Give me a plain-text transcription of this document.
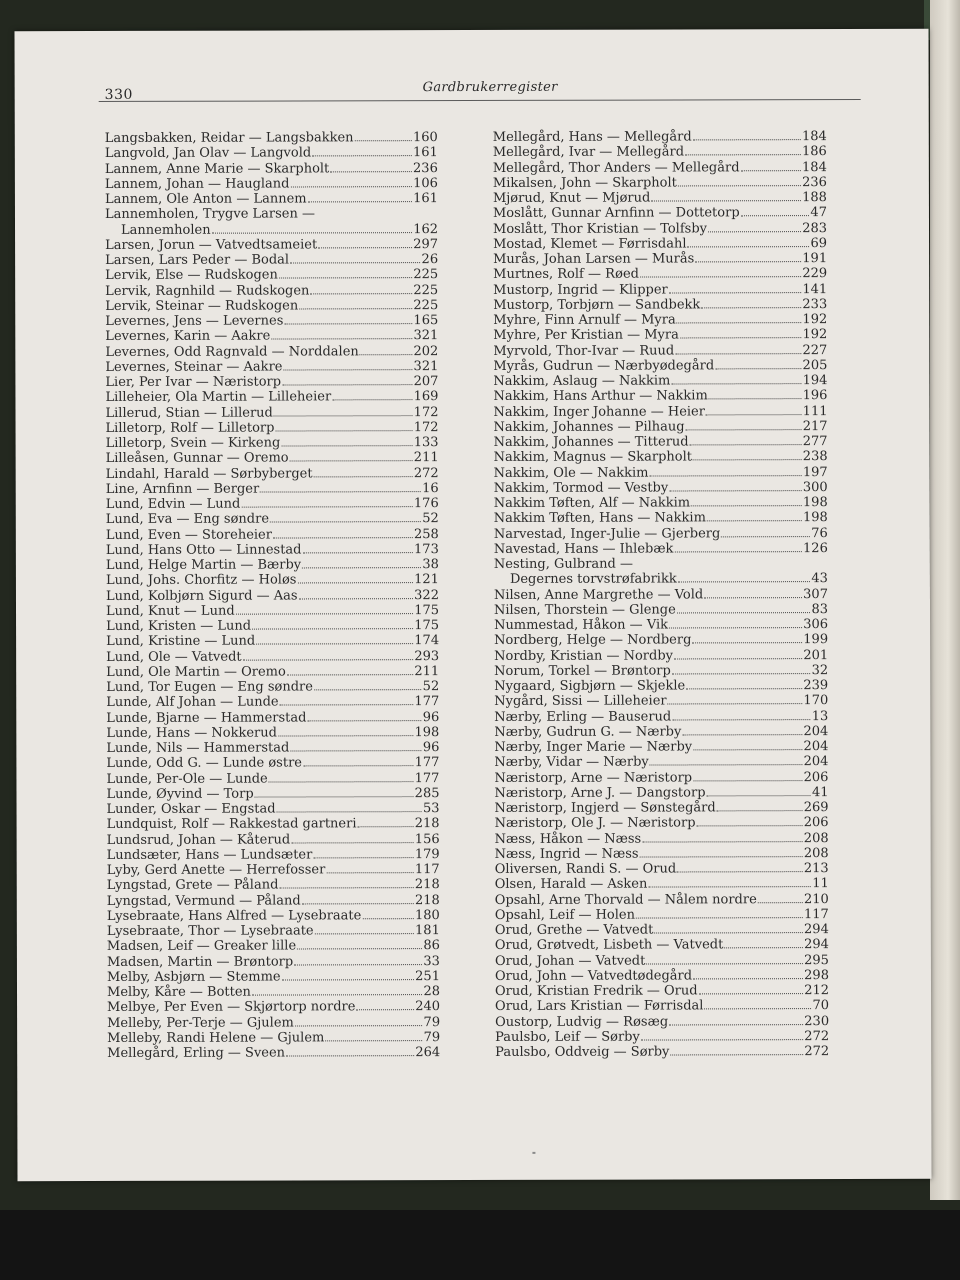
330	Gardbrukerregister
Langsbakken, Reidar — Langsbakken	160
Langvold, Jan Olav — Langvold	161
Lannem, Anne Marie — Skarpholt	236
Lannem, Johan — Haugland	106
Lannem, Ole Anton — Lannem	161
Lannemholen, Trygve Larsen —
Lannemholen	162
Larsen, Jorun — Vatvedtsameiet	297
Larsen, Lars Peder — Bodal	26
Lervik, Else — Rudskogen	225
Lervik, Ragnhild — Rudskogen	225
Lervik, Steinar — Rudskogen	225
Levernes, Jens — Levernes	165
Levernes, Karin — Aakre	321
Levernes, Odd Ragnvald — Norddalen	202
Levernes, Steinar — Aakre	321
Lier, Per Ivar — Næristorp	207
Lilleheier, Ola Martin — Lilleheier	169
Lillerud, Stian — Lillerud	172
Lilletorp, Rolf — Lilletorp	172
Lilletorp, Svein — Kirkeng	133
Lilleåsen, Gunnar — Oremo	211
Lindahl, Harald — Sørbyberget	272
Line, Arnfinn — Berger	16
Lund, Edvin — Lund	176
Lund, Eva — Eng søndre	52
Lund, Even — Storeheier	258
Lund, Hans Otto — Linnestad	173
Lund, Helge Martin — Bærby	38
Lund, Johs. Chorfitz — Holøs	121
Lund, Kolbjørn Sigurd — Aas	322
Lund, Knut — Lund	175
Lund, Kristen — Lund	175
Lund, Kristine — Lund	174
Lund, Ole — Vatvedt	293
Lund, Ole Martin — Oremo	211
Lund, Tor Eugen — Eng søndre	52
Lunde, Alf Johan — Lunde	177
Lunde, Bjarne — Hammerstad	96
Lunde, Hans — Nokkerud	198
Lunde, Nils — Hammerstad	96
Lunde, Odd G. — Lunde østre	177
Lunde, Per-Ole — Lunde	177
Lunde, Øyvind — Torp	285
Lunder, Oskar — Engstad	53
Lundquist, Rolf — Rakkestad gartneri	218
Lundsrud, Johan — Kåterud	156
Lundsæter, Hans — Lundsæter	179
Lyby, Gerd Anette — Herrefosser	117
Lyngstad, Grete — Påland	218
Lyngstad, Vermund — Påland	218
Lysebraate, Hans Alfred — Lysebraate	180
Lysebraate, Thor — Lysebraate	181
Madsen, Leif — Greaker lille	86
Madsen, Martin — Brøntorp	33
Melby, Asbjørn — Stemme	251
Melby, Kåre — Botten	28
Melbye, Per Even — Skjørtorp nordre	240
Melleby, Per-Terje — Gjulem	79
Melleby, Randi Helene — Gjulem	79
Mellegård, Erling — Sveen	264
Mellegård, Hans — Mellegård	184
Mellegård, Ivar — Mellegård	186
Mellegård, Thor Anders — Mellegård	184
Mikalsen, John — Skarpholt	236
Mjørud, Knut — Mjørud	188
Moslått, Gunnar Arnfinn — Dottetorp	47
Moslått, Thor Kristian — Tolfsby	283
Mostad, Klemet — Førrisdahl	69
Murås, Johan Larsen — Murås	191
Murtnes, Rolf — Røed	229
Mustorp, Ingrid — Klipper	141
Mustorp, Torbjørn — Sandbekk	233
Myhre, Finn Arnulf — Myra	192
Myhre, Per Kristian — Myra	192
Myrvold, Thor-Ivar — Ruud	227
Myrås, Gudrun — Nærbyødegård	205
Nakkim, Aslaug — Nakkim	194
Nakkim, Hans Arthur — Nakkim	196
Nakkim, Inger Johanne — Heier	111
Nakkim, Johannes — Pilhaug	217
Nakkim, Johannes — Titterud	277
Nakkim, Magnus — Skarpholt	238
Nakkim, Ole — Nakkim	197
Nakkim, Tormod — Vestby	300
Nakkim Tøften, Alf — Nakkim	198
Nakkim Tøften, Hans — Nakkim	198
Narvestad, Inger-Julie — Gjerberg	76
Navestad, Hans — Ihlebæk	126
Nesting, Gulbrand —
Degernes torvstrøfabrikk	43
Nilsen, Anne Margrethe — Vold	307
Nilsen, Thorstein — Glenge	83
Nummestad, Håkon — Vik	306
Nordberg, Helge — Nordberg	199
Nordby, Kristian — Nordby	201
Norum, Torkel — Brøntorp	32
Nygaard, Sigbjørn — Skjekle	239
Nygård, Sissi — Lilleheier	170
Nærby, Erling — Bauserud	13
Nærby, Gudrun G. — Nærby	204
Nærby, Inger Marie — Nærby	204
Nærby, Vidar — Nærby	204
Næristorp, Arne — Næristorp	206
Næristorp, Arne J. — Dangstorp	41
Næristorp, Ingjerd — Sønstegård	269
Næristorp, Ole J. — Næristorp	206
Næss, Håkon — Næss	208
Næss, Ingrid — Næss	208
Oliversen, Randi S. — Orud	213
Olsen, Harald — Asken	11
Opsahl, Arne Thorvald — Nålem nordre	210
Opsahl, Leif — Holen	117
Orud, Grethe — Vatvedt	294
Orud, Grøtvedt, Lisbeth — Vatvedt	294
Orud, Johan — Vatvedt	295
Orud, John — Vatvedtødegård	298
Orud, Kristian Fredrik — Orud	212
Orud, Lars Kristian — Førrisdal	70
Oustorp, Ludvig — Røsæg	230
Paulsbo, Leif — Sørby	272
Paulsbo, Oddveig — Sørby	272
